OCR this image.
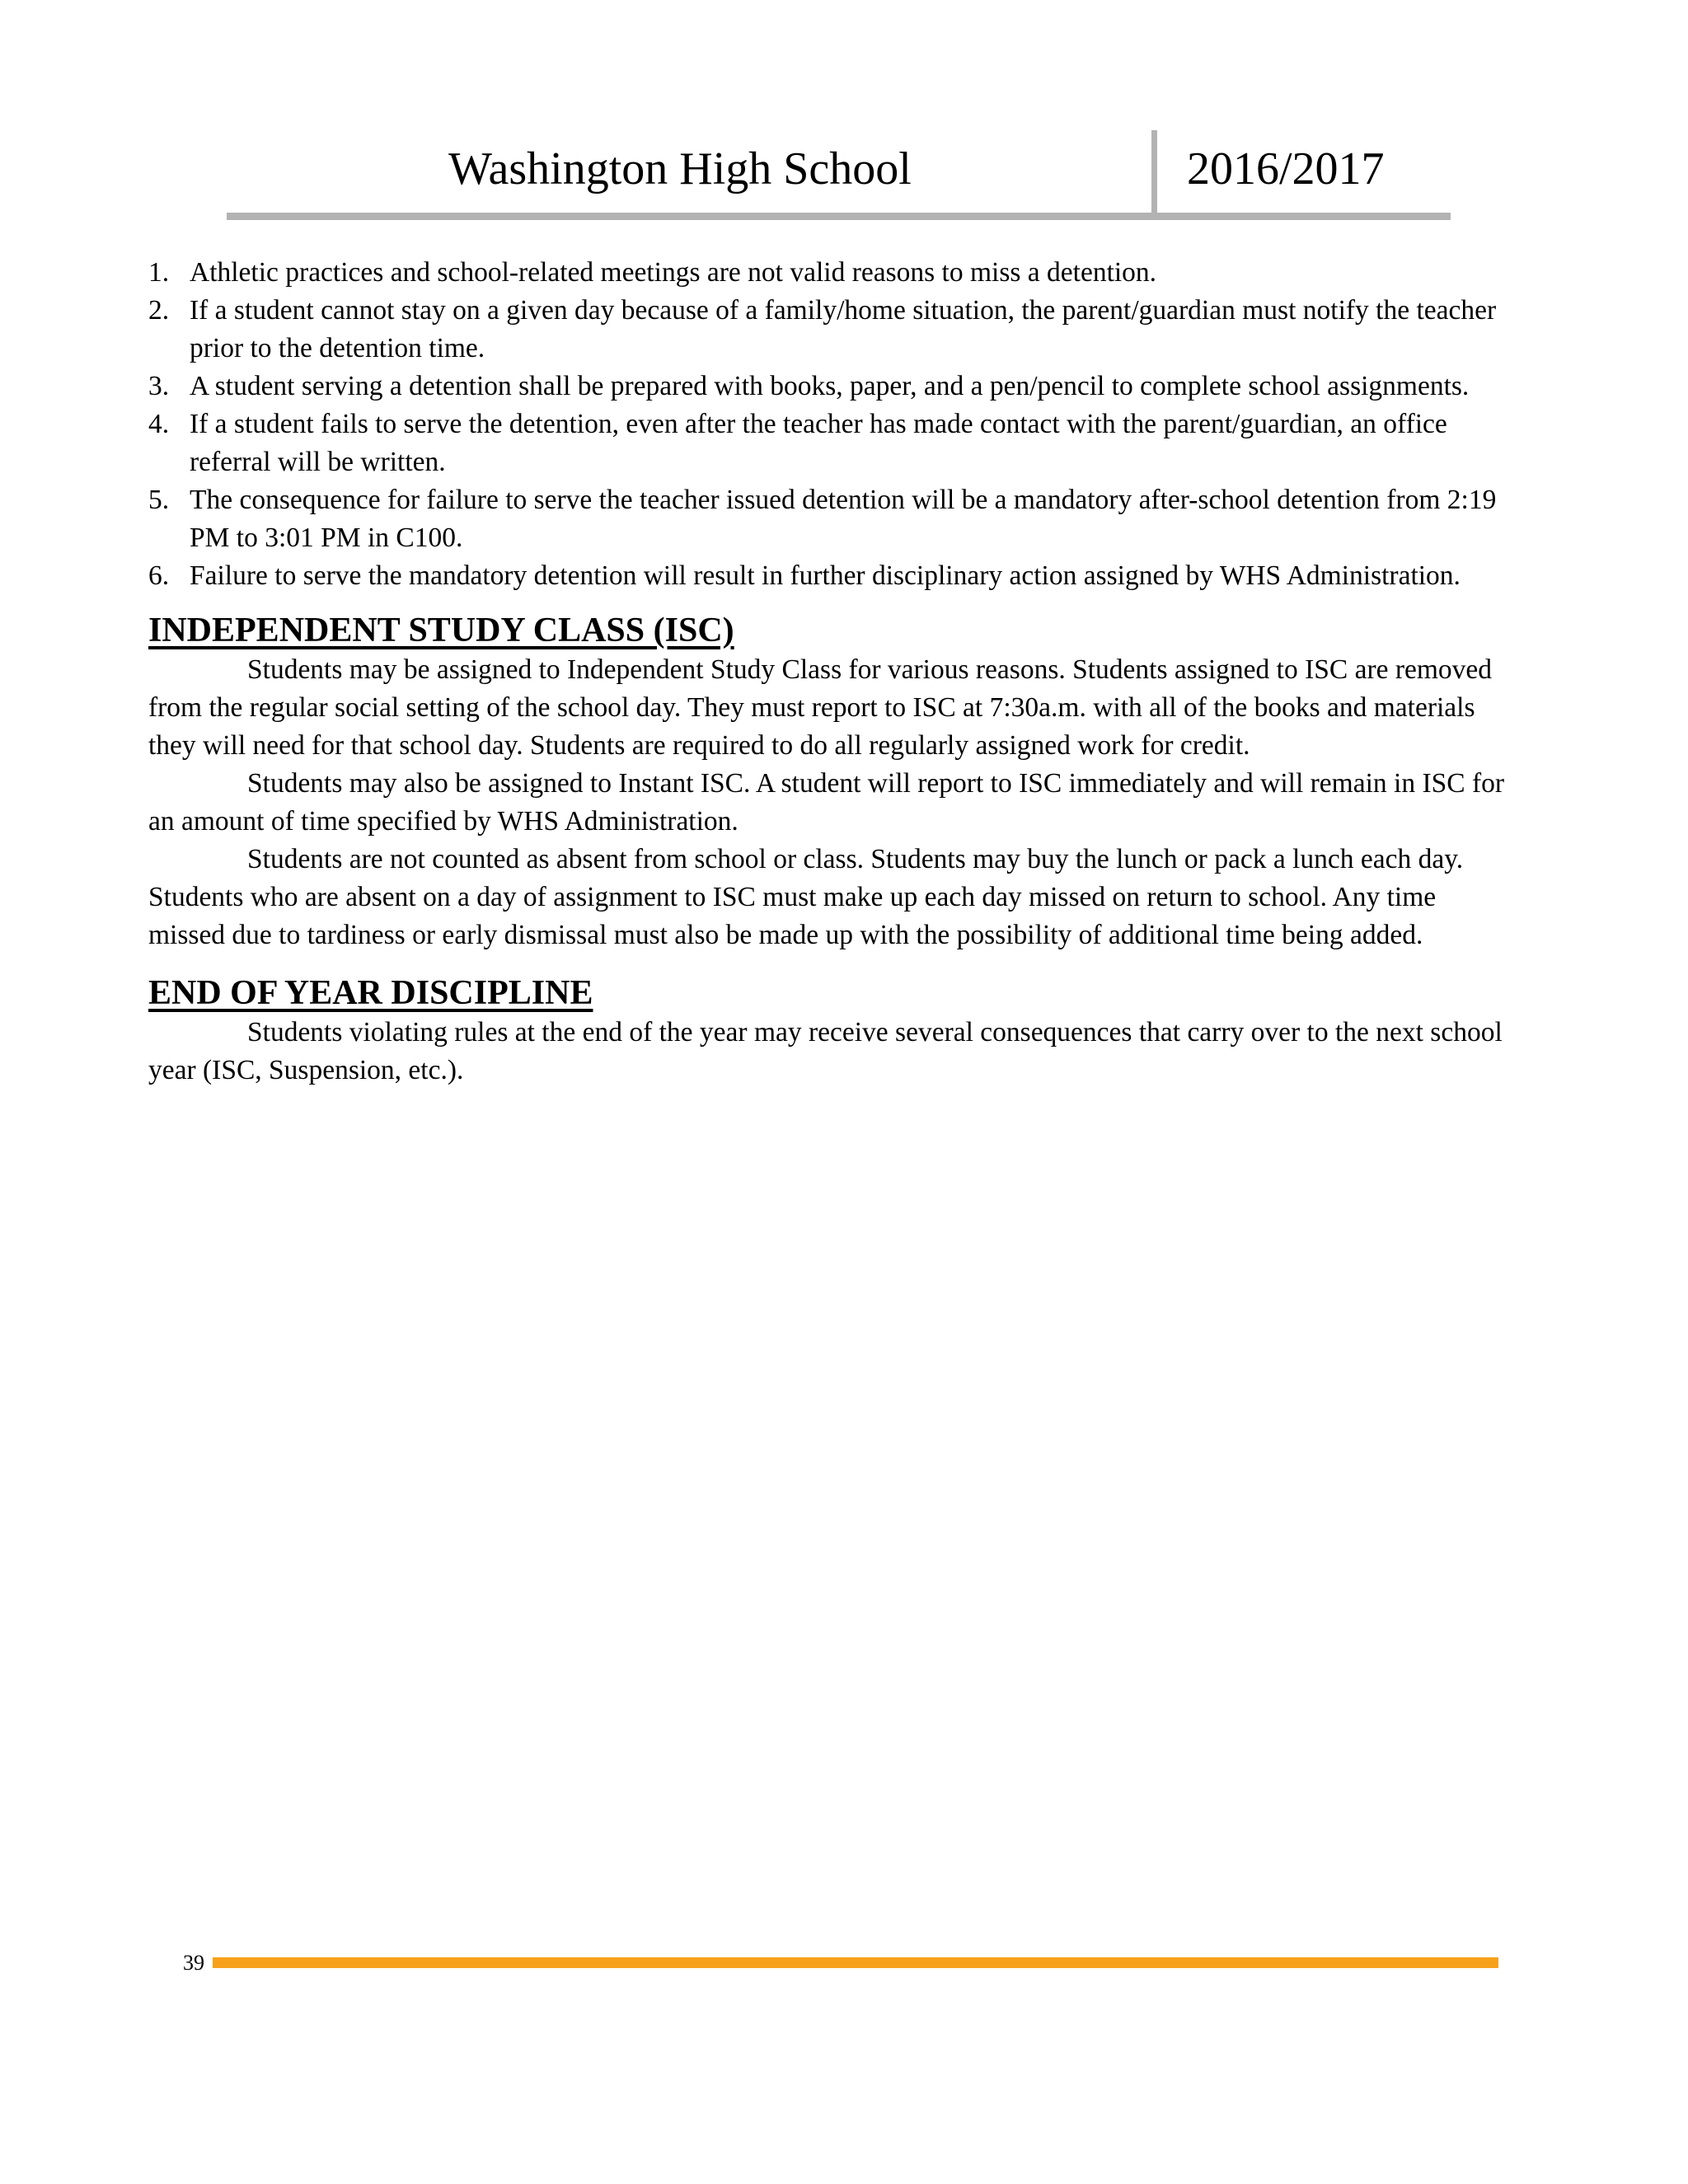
Washington High School	2016/2017
1. Athletic practices and school-related meetings are not valid reasons to miss a detention.
2. If a student cannot stay on a given day because of a family/home situation, the parent/guardian must notify the teacher prior to the detention time.
3. A student serving a detention shall be prepared with books, paper, and a pen/pencil to complete school assignments.
4. If a student fails to serve the detention, even after the teacher has made contact with the parent/guardian, an office referral will be written.
5. The consequence for failure to serve the teacher issued detention will be a mandatory after-school detention from 2:19 PM to 3:01 PM in C100.
6. Failure to serve the mandatory detention will result in further disciplinary action assigned by WHS Administration.
INDEPENDENT STUDY CLASS (ISC)

Students may be assigned to Independent Study Class for various reasons. Students assigned to ISC are removed from the regular social setting of the school day. They must report to ISC at 7:30a.m. with all of the books and materials they will need for that school day. Students are required to do all regularly assigned work for credit.

Students may also be assigned to Instant ISC. A student will report to ISC immediately and will remain in ISC for an amount of time specified by WHS Administration.

Students are not counted as absent from school or class. Students may buy the lunch or pack a lunch each day. Students who are absent on a day of assignment to ISC must make up each day missed on return to school. Any time missed due to tardiness or early dismissal must also be made up with the possibility of additional time being added.

END OF YEAR DISCIPLINE

Students violating rules at the end of the year may receive several consequences that carry over to the next school year (ISC, Suspension, etc.).

39
